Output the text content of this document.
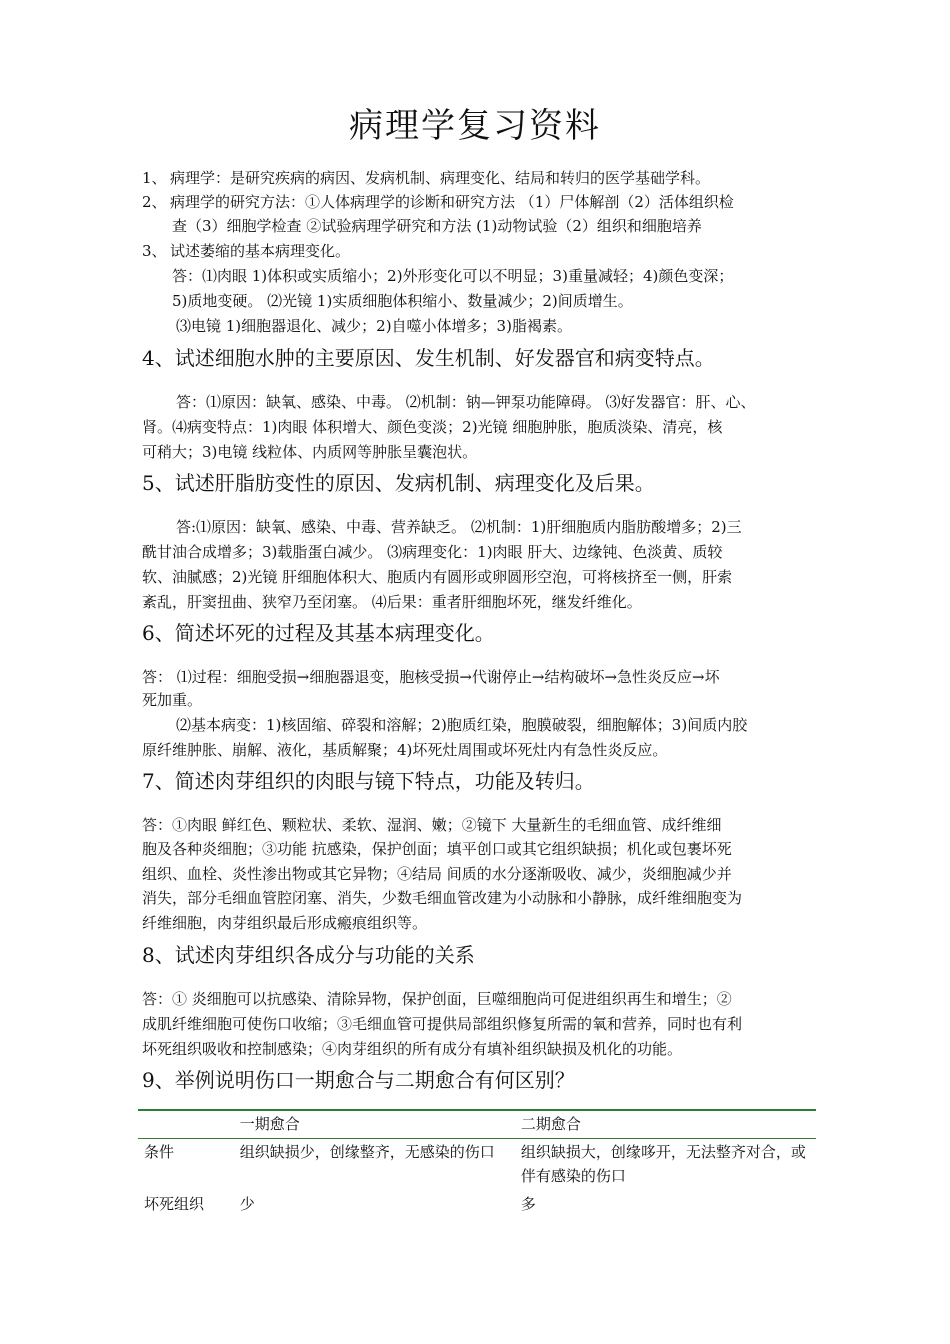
病理学复习资料
1、 病理学：是研究疾病的病因、发病机制、病理变化、结局和转归的医学基础学科。
2、 病理学的研究方法：①人体病理学的诊断和研究方法 （1）尸体解剖（2）活体组织检
查（3）细胞学检查 ②试验病理学研究和方法 (1)动物试验（2）组织和细胞培养
3、 试述萎缩的基本病理变化。
答：⑴肉眼 1)体积或实质缩小；2)外形变化可以不明显；3)重量减轻；4)颜色变深；
5)质地变硬。 ⑵光镜 1)实质细胞体积缩小、数量减少；2)间质增生。
⑶电镜 1)细胞器退化、减少；2)自噬小体增多；3)脂褐素。
4、试述细胞水肿的主要原因、发生机制、好发器官和病变特点。
答：⑴原因：缺氧、感染、中毒。 ⑵机制：钠—钾泵功能障碍。 ⑶好发器官：肝、心、
肾。⑷病变特点：1)肉眼 体积增大、颜色变淡；2)光镜 细胞肿胀，胞质淡染、清亮，核
可稍大；3)电镜 线粒体、内质网等肿胀呈囊泡状。
5、试述肝脂肪变性的原因、发病机制、病理变化及后果。
答:⑴原因：缺氧、感染、中毒、营养缺乏。 ⑵机制：1)肝细胞质内脂肪酸增多；2)三
酰甘油合成增多；3)载脂蛋白减少。 ⑶病理变化：1)肉眼 肝大、边缘钝、色淡黄、质较
软、油腻感；2)光镜 肝细胞体积大、胞质内有圆形或卵圆形空泡，可将核挤至一侧，肝索
紊乱，肝窦扭曲、狭窄乃至闭塞。 ⑷后果：重者肝细胞坏死，继发纤维化。
6、简述坏死的过程及其基本病理变化。
答： ⑴过程：细胞受损→细胞器退变，胞核受损→代谢停止→结构破坏→急性炎反应→坏
死加重。
⑵基本病变：1)核固缩、碎裂和溶解；2)胞质红染，胞膜破裂，细胞解体；3)间质内胶
原纤维肿胀、崩解、液化，基质解聚；4)坏死灶周围或坏死灶内有急性炎反应。
7、简述肉芽组织的肉眼与镜下特点，功能及转归。
答：①肉眼 鲜红色、颗粒状、柔软、湿润、嫩；②镜下 大量新生的毛细血管、成纤维细
胞及各种炎细胞；③功能 抗感染，保护创面；填平创口或其它组织缺损；机化或包裹坏死
组织、血栓、炎性渗出物或其它异物；④结局 间质的水分逐渐吸收、减少，炎细胞减少并
消失，部分毛细血管腔闭塞、消失，少数毛细血管改建为小动脉和小静脉，成纤维细胞变为
纤维细胞，肉芽组织最后形成瘢痕组织等。
8、试述肉芽组织各成分与功能的关系
答：① 炎细胞可以抗感染、清除异物，保护创面，巨噬细胞尚可促进组织再生和增生；②
成肌纤维细胞可使伤口收缩；③毛细血管可提供局部组织修复所需的氧和营养，同时也有利
坏死组织吸收和控制感染；④肉芽组织的所有成分有填补组织缺损及机化的功能。
9、举例说明伤口一期愈合与二期愈合有何区别？
	一期愈合	二期愈合
条件	组织缺损少，创缘整齐，无感染的伤口	组织缺损大，创缘哆开，无法整齐对合，或伴有感染的伤口
坏死组织	少	多
